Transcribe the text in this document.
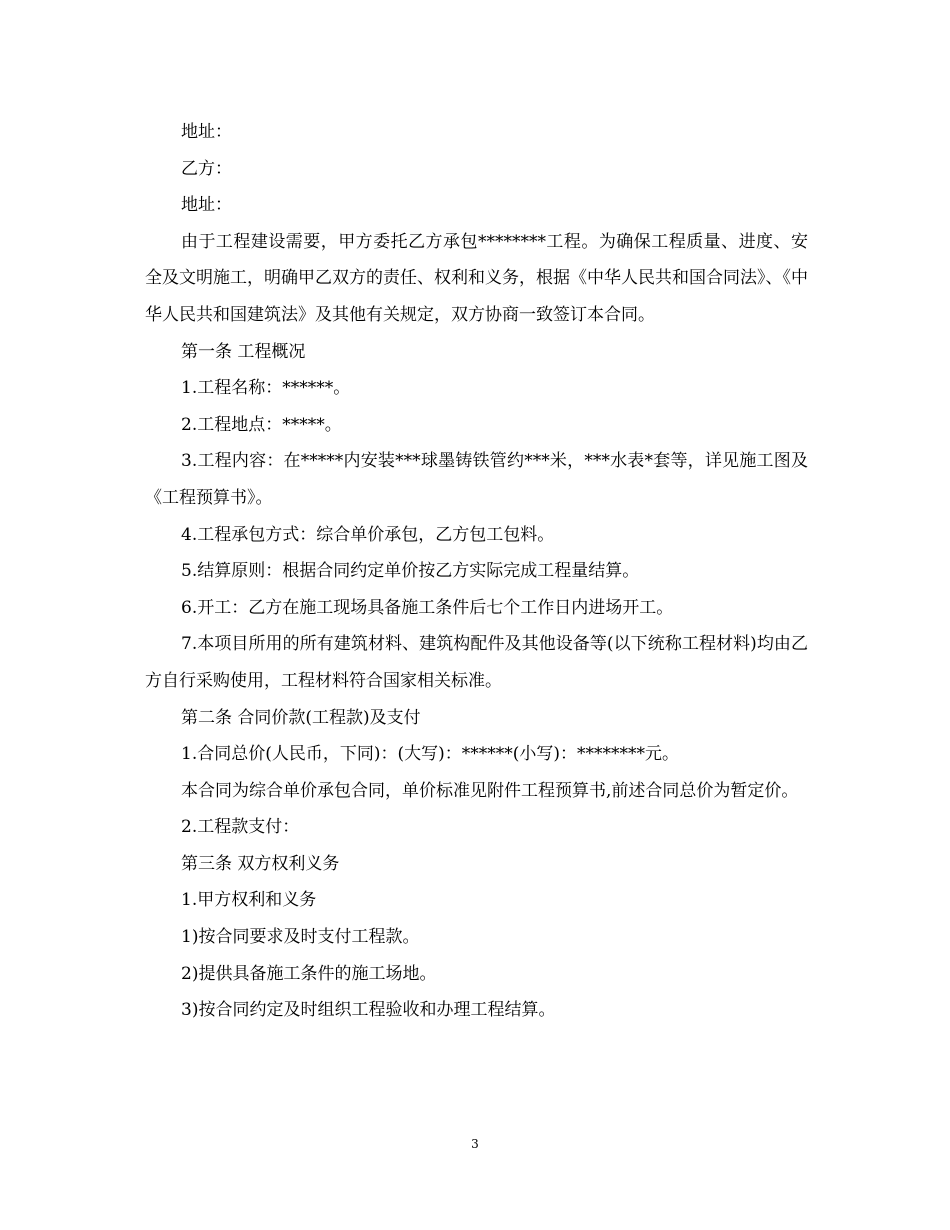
地址：

乙方：

地址：

由于工程建设需要，甲方委托乙方承包********工程。为确保工程质量、进度、安全及文明施工，明确甲乙双方的责任、权利和义务，根据《中华人民共和国合同法》、《中华人民共和国建筑法》及其他有关规定，双方协商一致签订本合同。

第一条 工程概况

1.工程名称：******。

2.工程地点：*****。

3.工程内容：在*****内安装***球墨铸铁管约***米，***水表*套等，详见施工图及《工程预算书》。

4.工程承包方式：综合单价承包，乙方包工包料。

5.结算原则：根据合同约定单价按乙方实际完成工程量结算。

6.开工：乙方在施工现场具备施工条件后七个工作日内进场开工。

7.本项目所用的所有建筑材料、建筑构配件及其他设备等(以下统称工程材料)均由乙方自行采购使用，工程材料符合国家相关标准。

第二条 合同价款(工程款)及支付

1.合同总价(人民币，下同)：(大写)：******(小写)：********元。

本合同为综合单价承包合同，单价标准见附件工程预算书,前述合同总价为暂定价。

2.工程款支付：

第三条 双方权利义务

1.甲方权利和义务

1)按合同要求及时支付工程款。

2)提供具备施工条件的施工场地。

3)按合同约定及时组织工程验收和办理工程结算。

3
